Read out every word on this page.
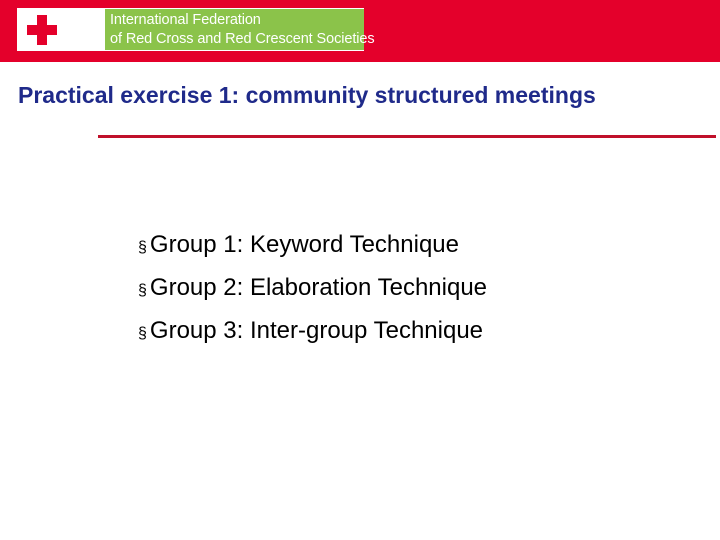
International Federation
of Red Cross and Red Crescent Societies
Practical exercise 1: community structured meetings
§ Group 1: Keyword Technique
§ Group 2: Elaboration Technique
§ Group 3: Inter-group Technique
